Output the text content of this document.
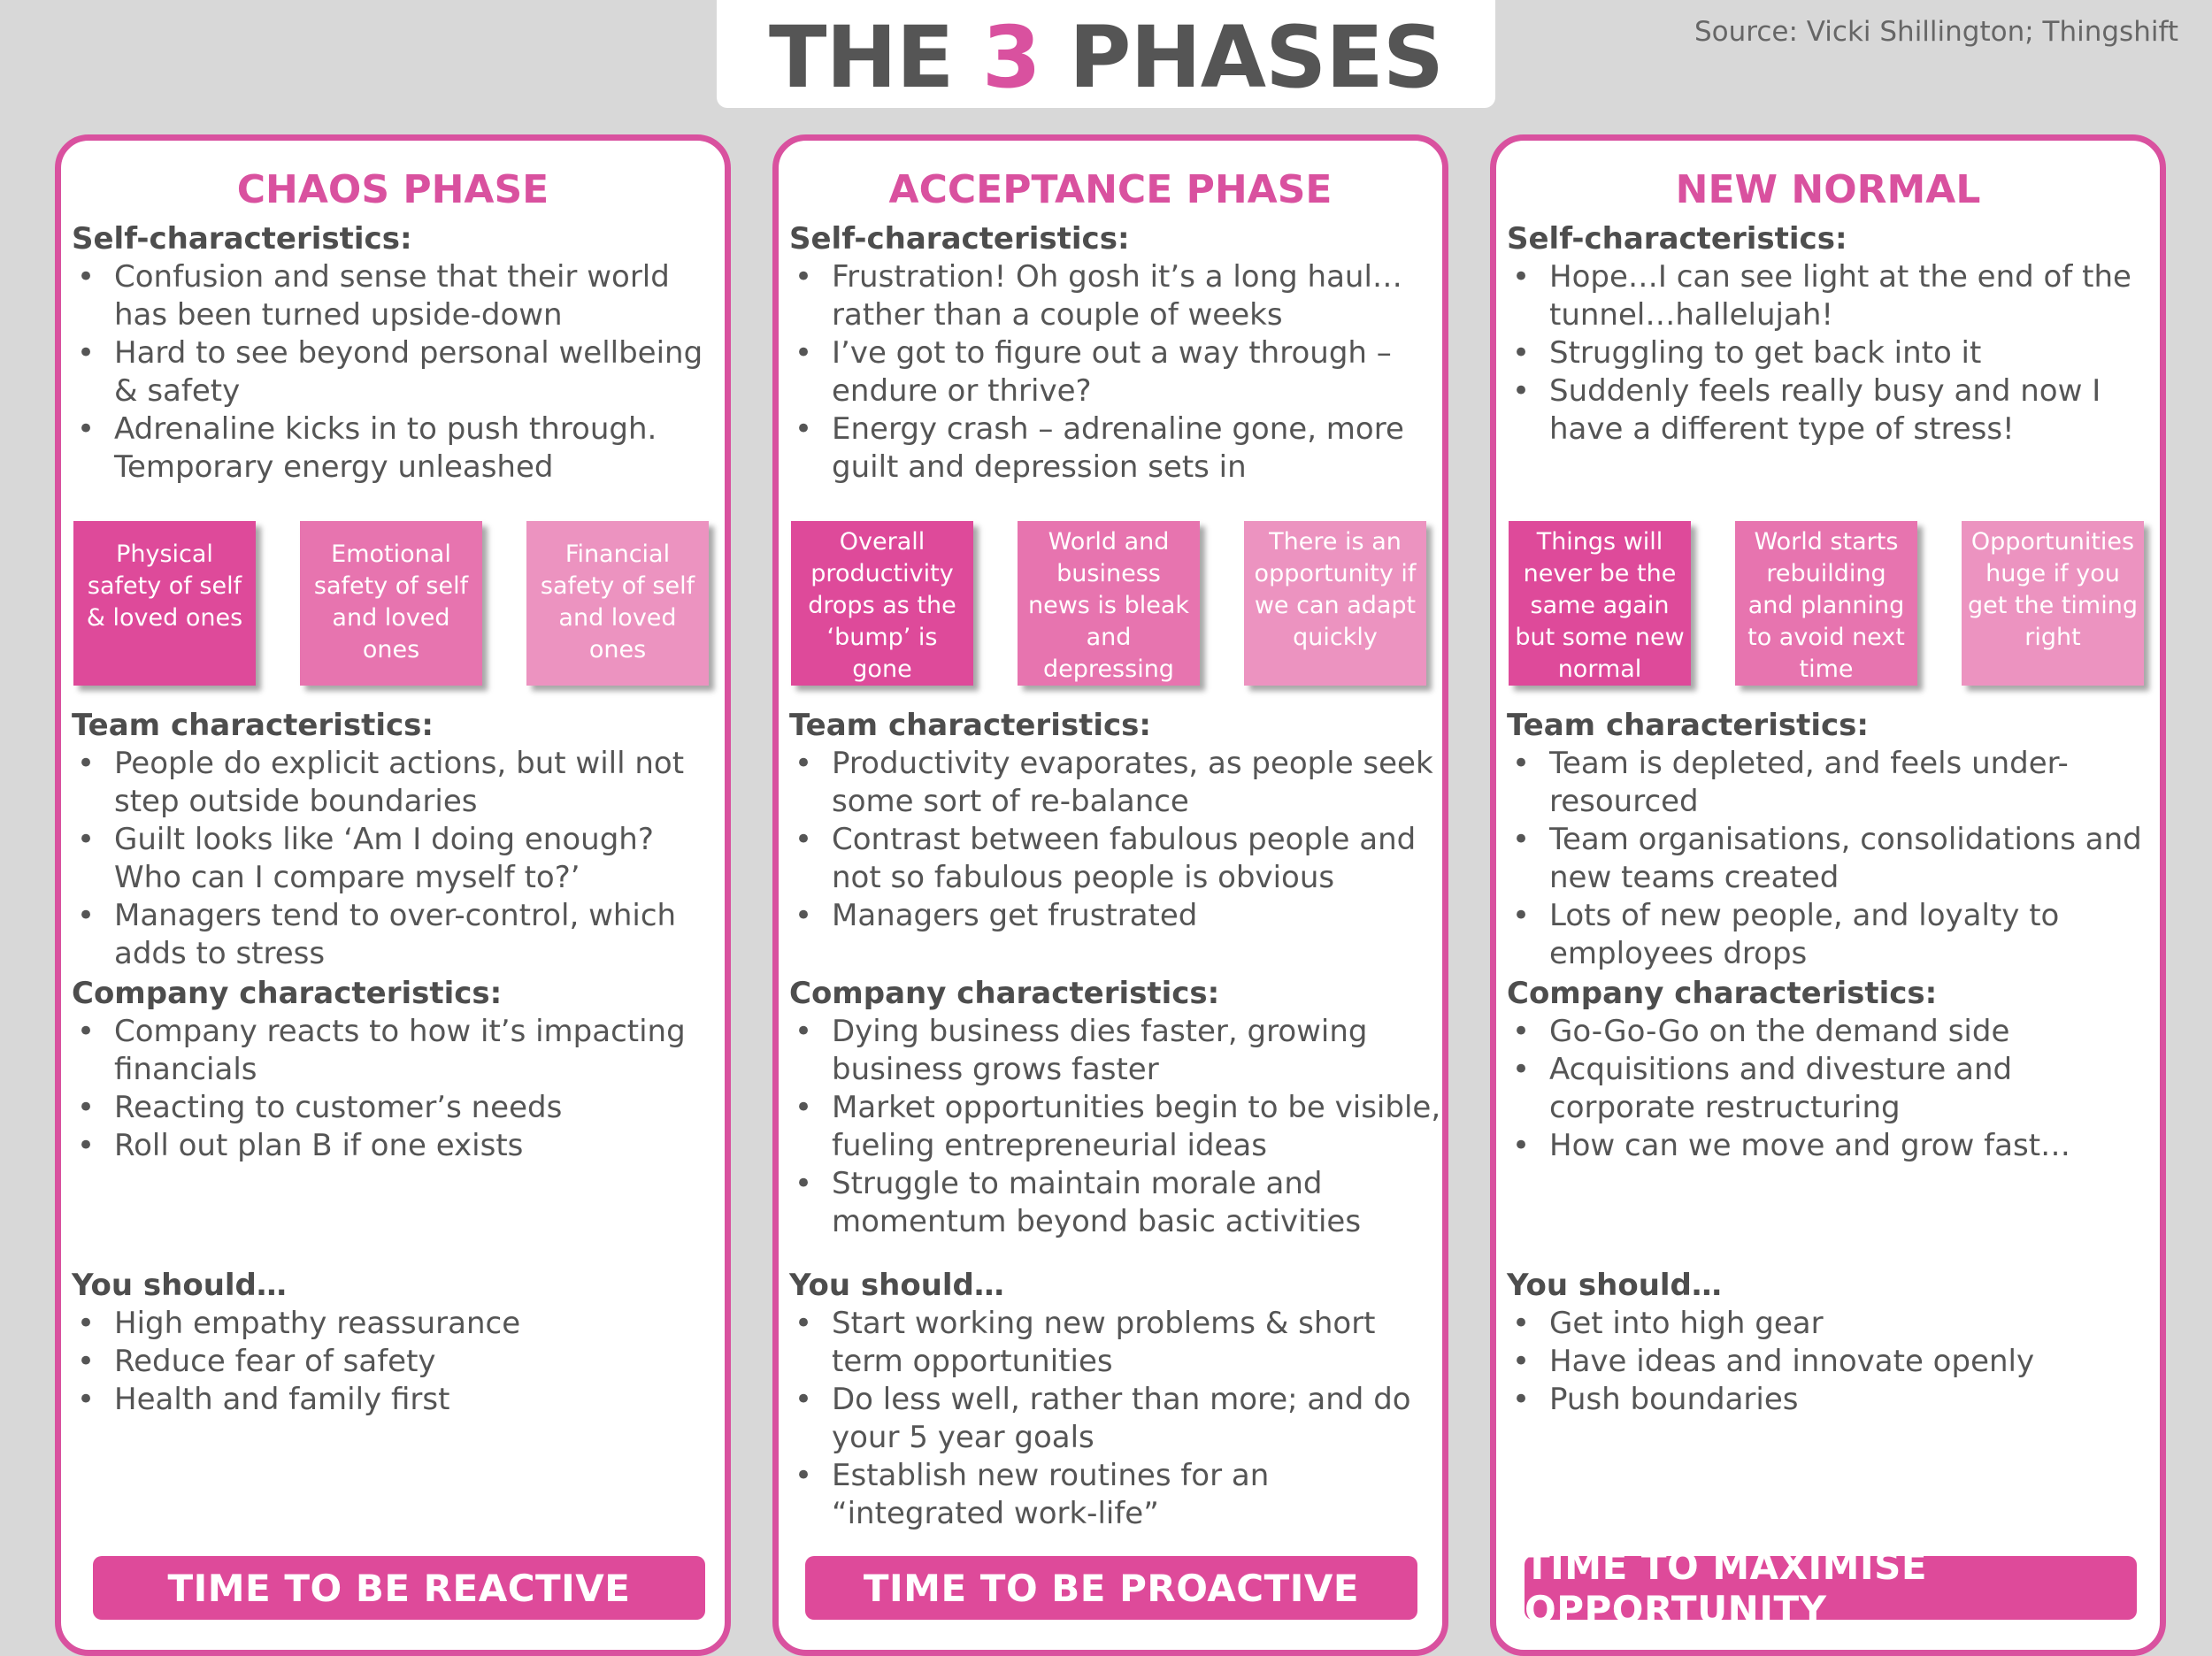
THE 3 PHASES	Source: Vicki Shillington; Thingshift
CHAOS PHASE
Self-characteristics:
• Confusion and sense that their world has been turned upside-down
• Hard to see beyond personal wellbeing & safety
• Adrenaline kicks in to push through. Temporary energy unleashed
Physical safety of self & loved ones
Emotional safety of self and loved ones
Financial safety of self and loved ones
Team characteristics:
• People do explicit actions, but will not step outside boundaries
• Guilt looks like ‘Am I doing enough? Who can I compare myself to?’
• Managers tend to over-control, which adds to stress
Company characteristics:
• Company reacts to how it’s impacting financials
• Reacting to customer’s needs
• Roll out plan B if one exists
You should…
• High empathy reassurance
• Reduce fear of safety
• Health and family first
TIME TO BE REACTIVE
ACCEPTANCE PHASE
Self-characteristics:
• Frustration! Oh gosh it’s a long haul…rather than a couple of weeks
• I’ve got to figure out a way through – endure or thrive?
• Energy crash – adrenaline gone, more guilt and depression sets in
Overall productivity drops as the ‘bump’ is gone
World and business news is bleak and depressing
There is an opportunity if we can adapt quickly
Team characteristics:
• Productivity evaporates, as people seek some sort of re-balance
• Contrast between fabulous people and not so fabulous people is obvious
• Managers get frustrated
Company characteristics:
• Dying business dies faster, growing business grows faster
• Market opportunities begin to be visible, fueling entrepreneurial ideas
• Struggle to maintain morale and momentum beyond basic activities
You should…
• Start working new problems & short term opportunities
• Do less well, rather than more; and do your 5 year goals
• Establish new routines for an “integrated work-life”
TIME TO BE PROACTIVE
NEW NORMAL
Self-characteristics:
• Hope…I can see light at the end of the tunnel…hallelujah!
• Struggling to get back into it
• Suddenly feels really busy and now I have a different type of stress!
Things will never be the same again but some new normal
World starts rebuilding and planning to avoid next time
Opportunities huge if you get the timing right
Team characteristics:
• Team is depleted, and feels under-resourced
• Team organisations, consolidations and new teams created
• Lots of new people, and loyalty to employees drops
Company characteristics:
• Go-Go-Go on the demand side
• Acquisitions and divesture and corporate restructuring
• How can we move and grow fast…
You should…
• Get into high gear
• Have ideas and innovate openly
• Push boundaries
TIME TO MAXIMISE OPPORTUNITY
